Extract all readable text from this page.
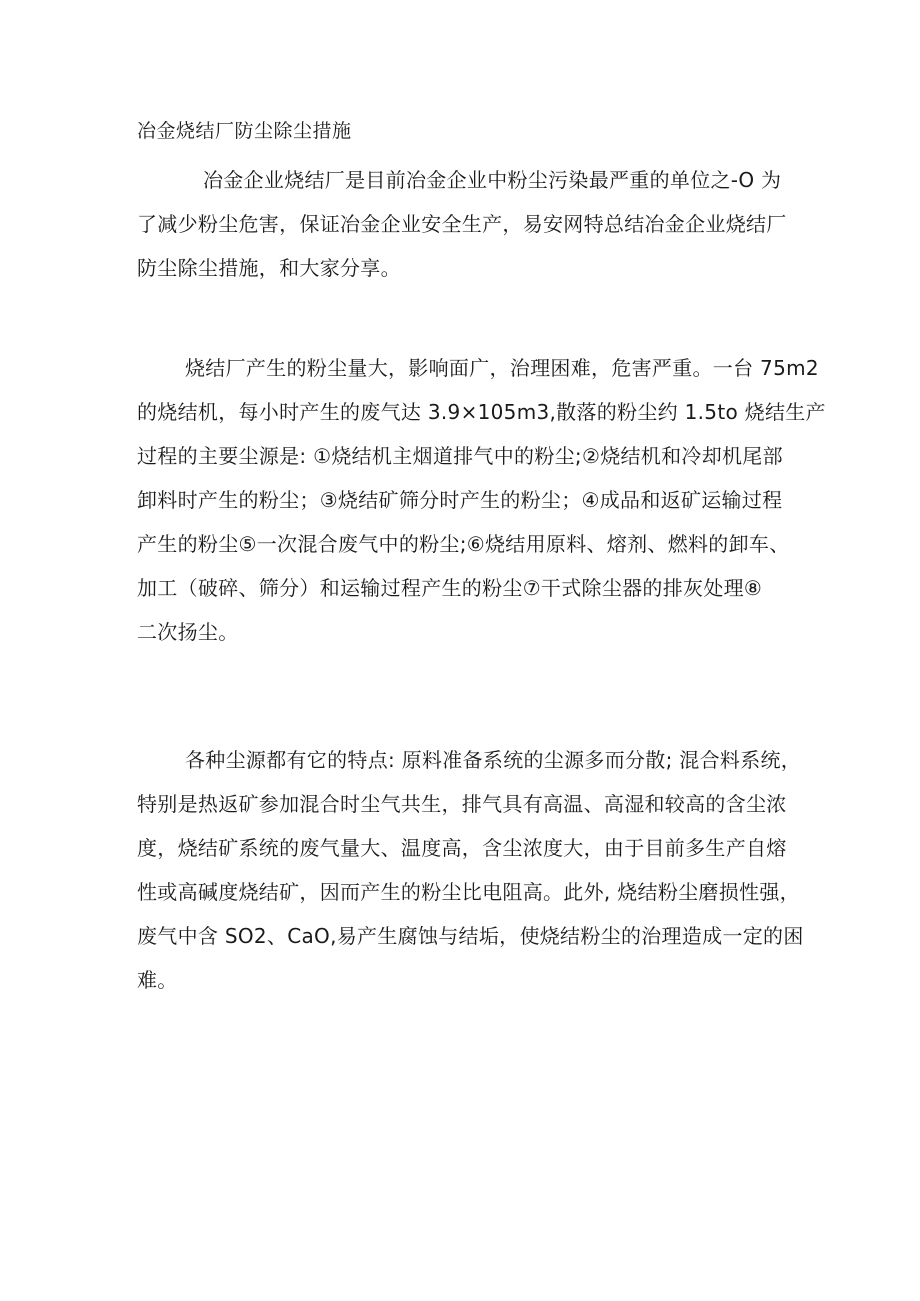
冶金烧结厂防尘除尘措施

冶金企业烧结厂是目前冶金企业中粉尘污染最严重的单位之-O 为
了减少粉尘危害，保证冶金企业安全生产，易安网特总结冶金企业烧结厂
防尘除尘措施，和大家分享。

烧结厂产生的粉尘量大，影响面广，治理困难，危害严重。一台 75m2
的烧结机，每小时产生的废气达 3.9×105m3,散落的粉尘约 1.5to 烧结生产
过程的主要尘源是: ①烧结机主烟道排气中的粉尘;②烧结机和冷却机尾部
卸料时产生的粉尘；③烧结矿筛分时产生的粉尘；④成品和返矿运输过程
产生的粉尘⑤一次混合废气中的粉尘;⑥烧结用原料、熔剂、燃料的卸车、
加工（破碎、筛分）和运输过程产生的粉尘⑦干式除尘器的排灰处理⑧
二次扬尘。

各种尘源都有它的特点: 原料准备系统的尘源多而分散; 混合料系统，
特别是热返矿参加混合时尘气共生，排气具有高温、高湿和较高的含尘浓
度，烧结矿系统的废气量大、温度高，含尘浓度大，由于目前多生产自熔
性或高碱度烧结矿，因而产生的粉尘比电阻高。此外, 烧结粉尘磨损性强，
废气中含 SO2、CaO,易产生腐蚀与结垢，使烧结粉尘的治理造成一定的困
难。
